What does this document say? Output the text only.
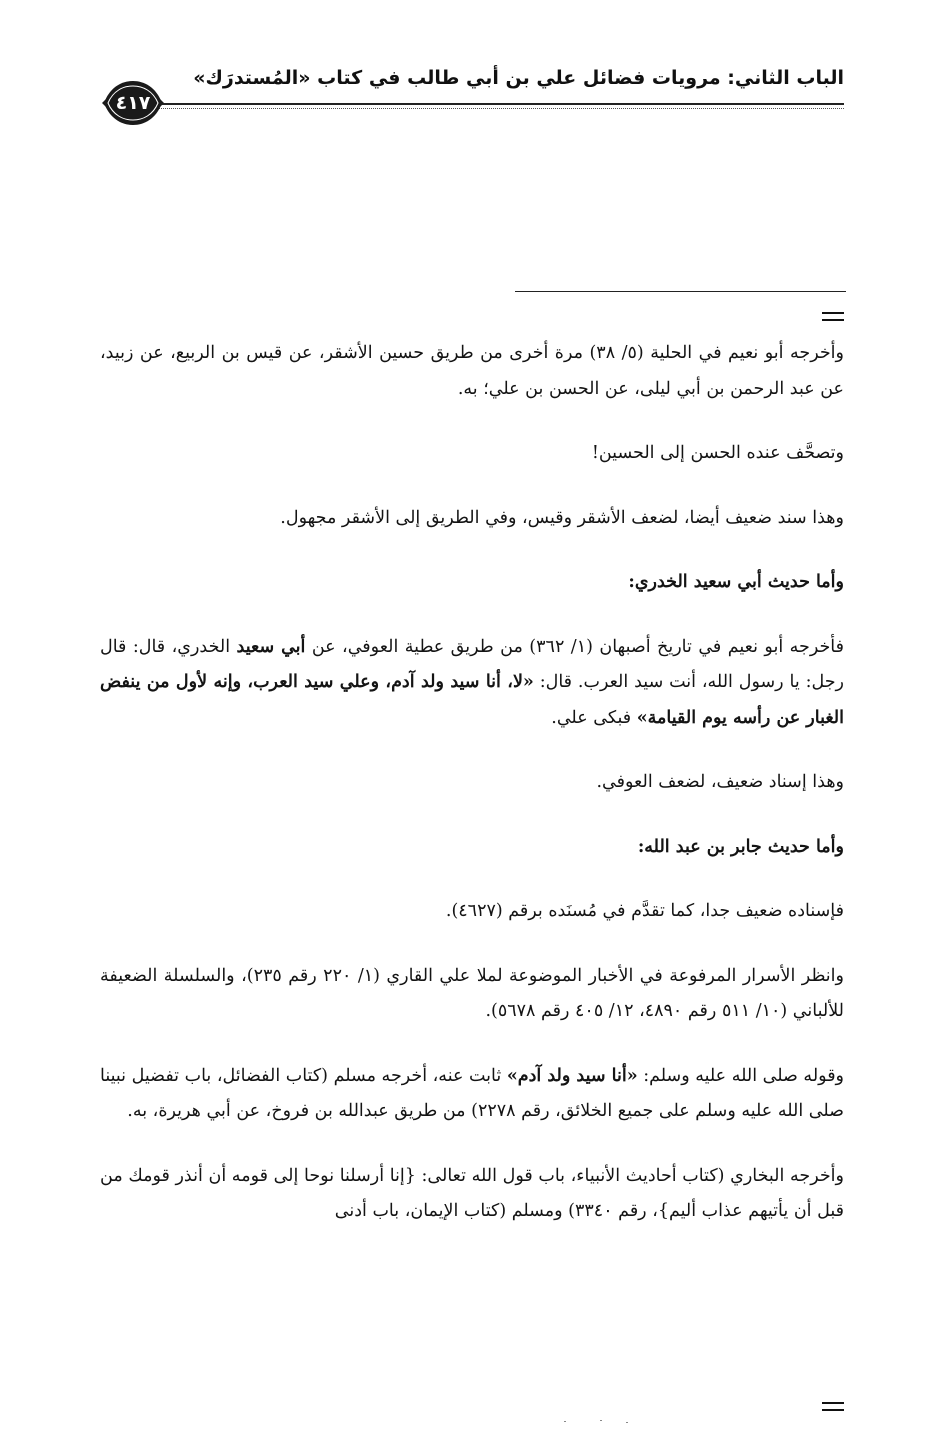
الباب الثاني: مرويات فضائل علي بن أبي طالب في كتاب «المُستدرَك»
٤١٧

وأخرجه أبو نعيم في الحلية (٥/ ٣٨) مرة أخرى من طريق حسين الأشقر، عن قيس بن الربيع، عن زبيد، عن عبد الرحمن بن أبي ليلى، عن الحسن بن علي؛ به.

وتصحَّف عنده الحسن إلى الحسين!

وهذا سند ضعيف أيضا، لضعف الأشقر وقيس، وفي الطريق إلى الأشقر مجهول.

وأما حديث أبي سعيد الخدري:

فأخرجه أبو نعيم في تاريخ أصبهان (١/ ٣٦٢) من طريق عطية العوفي، عن أبي سعيد الخدري، قال: قال رجل: يا رسول الله، أنت سيد العرب. قال: «لا، أنا سيد ولد آدم، وعلي سيد العرب، وإنه لأول من ينفض الغبار عن رأسه يوم القيامة» فبكى علي.

وهذا إسناد ضعيف، لضعف العوفي.

وأما حديث جابر بن عبد الله:

فإسناده ضعيف جدا، كما تقدَّم في مُسنَده برقم (٤٦٢٧).

وانظر الأسرار المرفوعة في الأخبار الموضوعة لملا علي القاري (١/ ٢٢٠ رقم ٢٣٥)، والسلسلة الضعيفة للألباني (١٠/ ٥١١ رقم ٤٨٩٠، ١٢/ ٤٠٥ رقم ٥٦٧٨).

وقوله صلى الله عليه وسلم: «أنا سيد ولد آدم» ثابت عنه، أخرجه مسلم (كتاب الفضائل، باب تفضيل نبينا صلى الله عليه وسلم على جميع الخلائق، رقم ٢٢٧٨) من طريق عبدالله بن فروخ، عن أبي هريرة، به.

وأخرجه البخاري (كتاب أحاديث الأنبياء، باب قول الله تعالى: {إنا أرسلنا نوحا إلى قومه أن أنذر قومك من قبل أن يأتيهم عذاب أليم}، رقم ٣٣٤٠) ومسلم (كتاب الإيمان، باب أدنى
